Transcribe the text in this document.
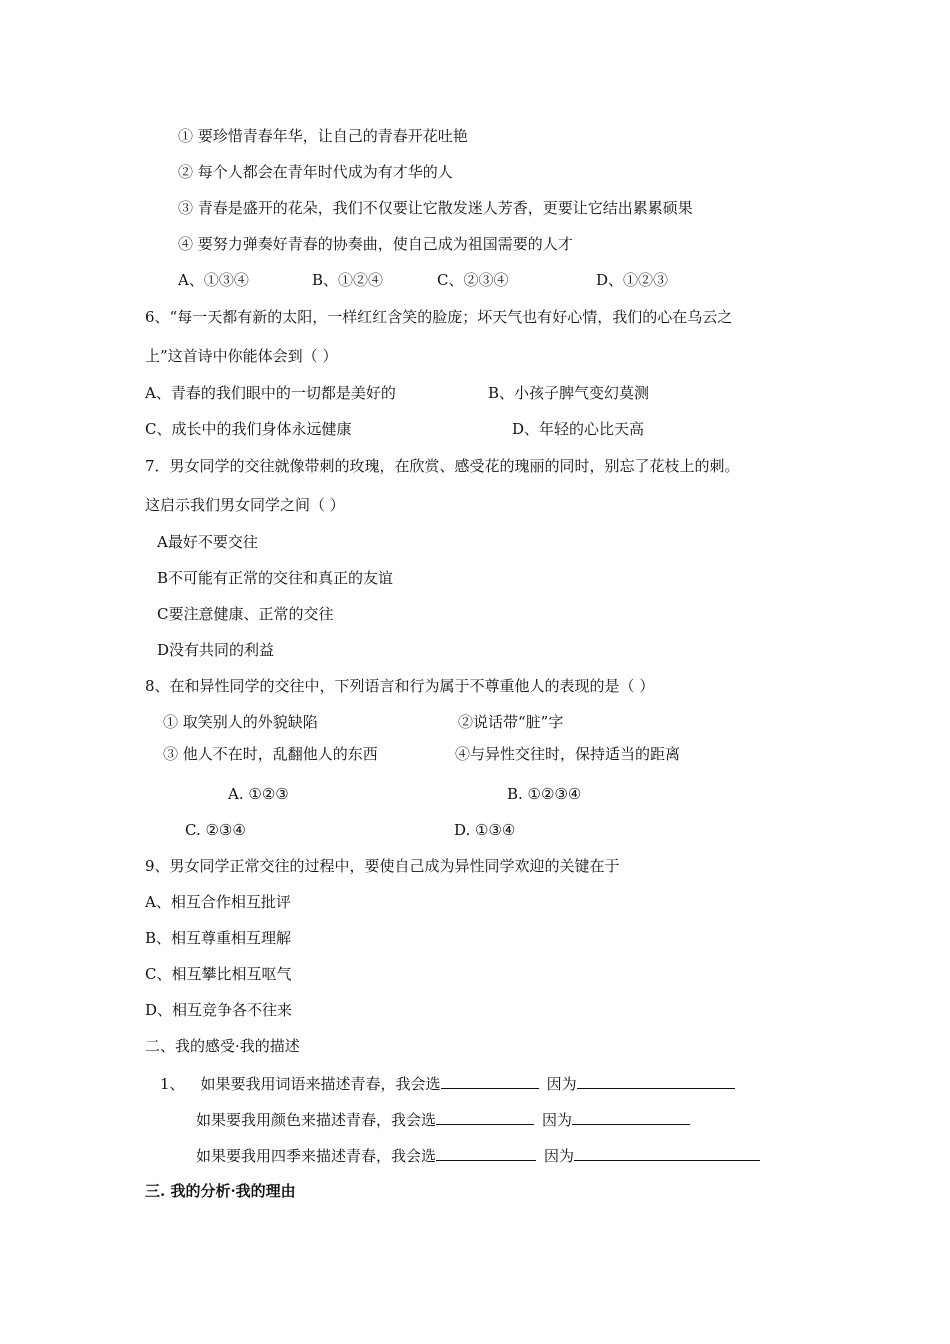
① 要珍惜青春年华，让自己的青春开花吐艳
② 每个人都会在青年时代成为有才华的人
③ 青春是盛开的花朵，我们不仅要让它散发迷人芳香，更要让它结出累累硕果
④ 要努力弹奏好青春的协奏曲，使自己成为祖国需要的人才
A、①③④	B、①②④	C、②③④	D、①②③
6、“每一天都有新的太阳，一样红红含笑的脸庞；坏天气也有好心情，我们的心在乌云之
上”这首诗中你能体会到（ ）
A、青春的我们眼中的一切都是美好的	B、小孩子脾气变幻莫测
C、成长中的我们身体永远健康	D、年轻的心比天高
7．男女同学的交往就像带刺的玫瑰，在欣赏、感受花的瑰丽的同时，别忘了花枝上的刺。
这启示我们男女同学之间（ ）
A最好不要交往
B不可能有正常的交往和真正的友谊
C要注意健康、正常的交往
D没有共同的利益
8、在和异性同学的交往中，下列语言和行为属于不尊重他人的表现的是（ ）
① 取笑别人的外貌缺陷	②说话带“脏”字
③ 他人不在时，乱翻他人的东西	④与异性交往时，保持适当的距离
A. ①②③	B. ①②③④
C. ②③④	D. ①③④
9、男女同学正常交往的过程中，要使自己成为异性同学欢迎的关键在于
A、相互合作相互批评
B、相互尊重相互理解
C、相互攀比相互呕气
D、相互竞争各不往来
二、我的感受·我的描述
1、 如果要我用词语来描述青春，我会选	因为
如果要我用颜色来描述青春，我会选	因为
如果要我用四季来描述青春，我会选	因为
三. 我的分析·我的理由
